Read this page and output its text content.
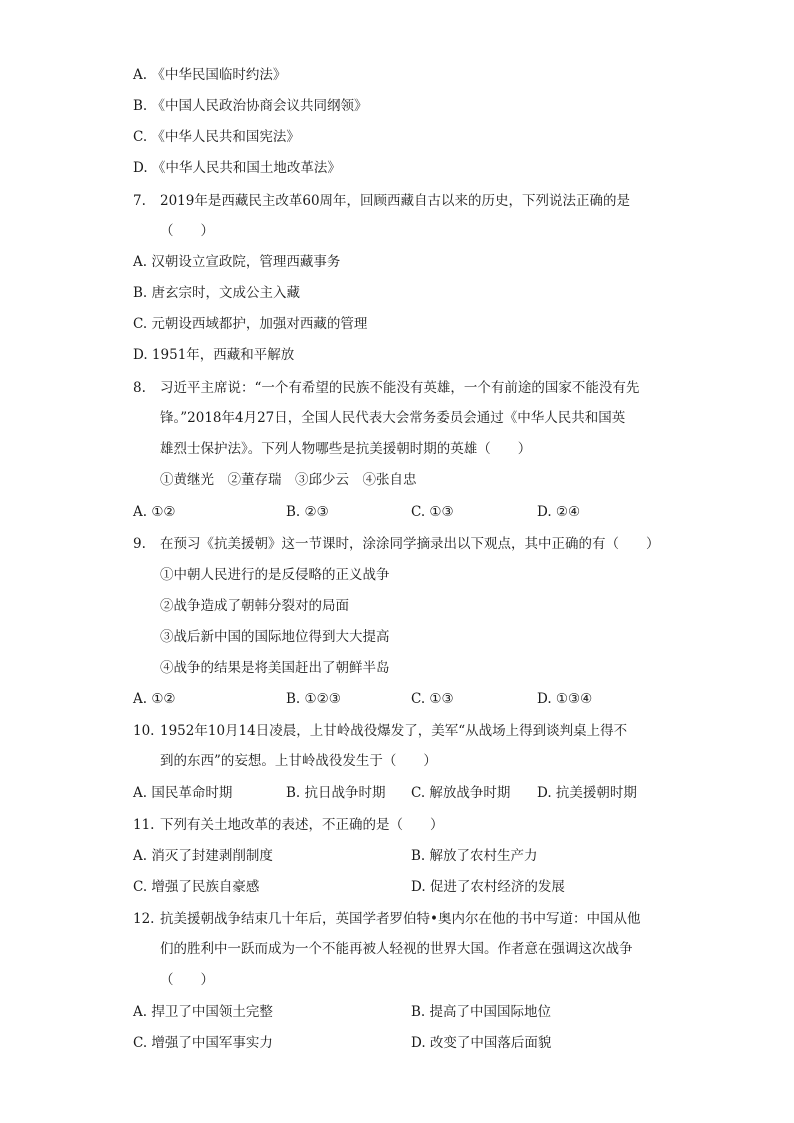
A. 《中华民国临时约法》
B. 《中国人民政治协商会议共同纲领》
C. 《中华人民共和国宪法》
D. 《中华人民共和国土地改革法》
7. 2019年是西藏民主改革60周年，回顾西藏自古以来的历史，下列说法正确的是
（　　）
A. 汉朝设立宣政院，管理西藏事务
B. 唐玄宗时，文成公主入藏
C. 元朝设西域都护，加强对西藏的管理
D. 1951年，西藏和平解放
8. 习近平主席说：“一个有希望的民族不能没有英雄，一个有前途的国家不能没有先
锋。”2018年4月27日，全国人民代表大会常务委员会通过《中华人民共和国英
雄烈士保护法》。下列人物哪些是抗美援朝时期的英雄（　　）
①黄继光　②董存瑞　③邱少云　④张自忠
A. ①②	B. ②③	C. ①③	D. ②④
9. 在预习《抗美援朝》这一节课时，涂涂同学摘录出以下观点，其中正确的有（　　）
①中朝人民进行的是反侵略的正义战争
②战争造成了朝韩分裂对的局面
③战后新中国的国际地位得到大大提高
④战争的结果是将美国赶出了朝鲜半岛
A. ①②	B. ①②③	C. ①③	D. ①③④
10. 1952年10月14日凌晨，上甘岭战役爆发了，美军“从战场上得到谈判桌上得不
到的东西”的妄想。上甘岭战役发生于（　　）
A. 国民革命时期	B. 抗日战争时期 C. 解放战争时期 D. 抗美援朝时期
11. 下列有关土地改革的表述，不正确的是（　　）
A. 消灭了封建剥削制度	B. 解放了农村生产力
C. 增强了民族自豪感	D. 促进了农村经济的发展
12. 抗美援朝战争结束几十年后，英国学者罗伯特•奥内尔在他的书中写道：中国从他
们的胜利中一跃而成为一个不能再被人轻视的世界大国。作者意在强调这次战争
（　　）
A. 捍卫了中国领土完整	B. 提高了中国国际地位
C. 增强了中国军事实力	D. 改变了中国落后面貌
